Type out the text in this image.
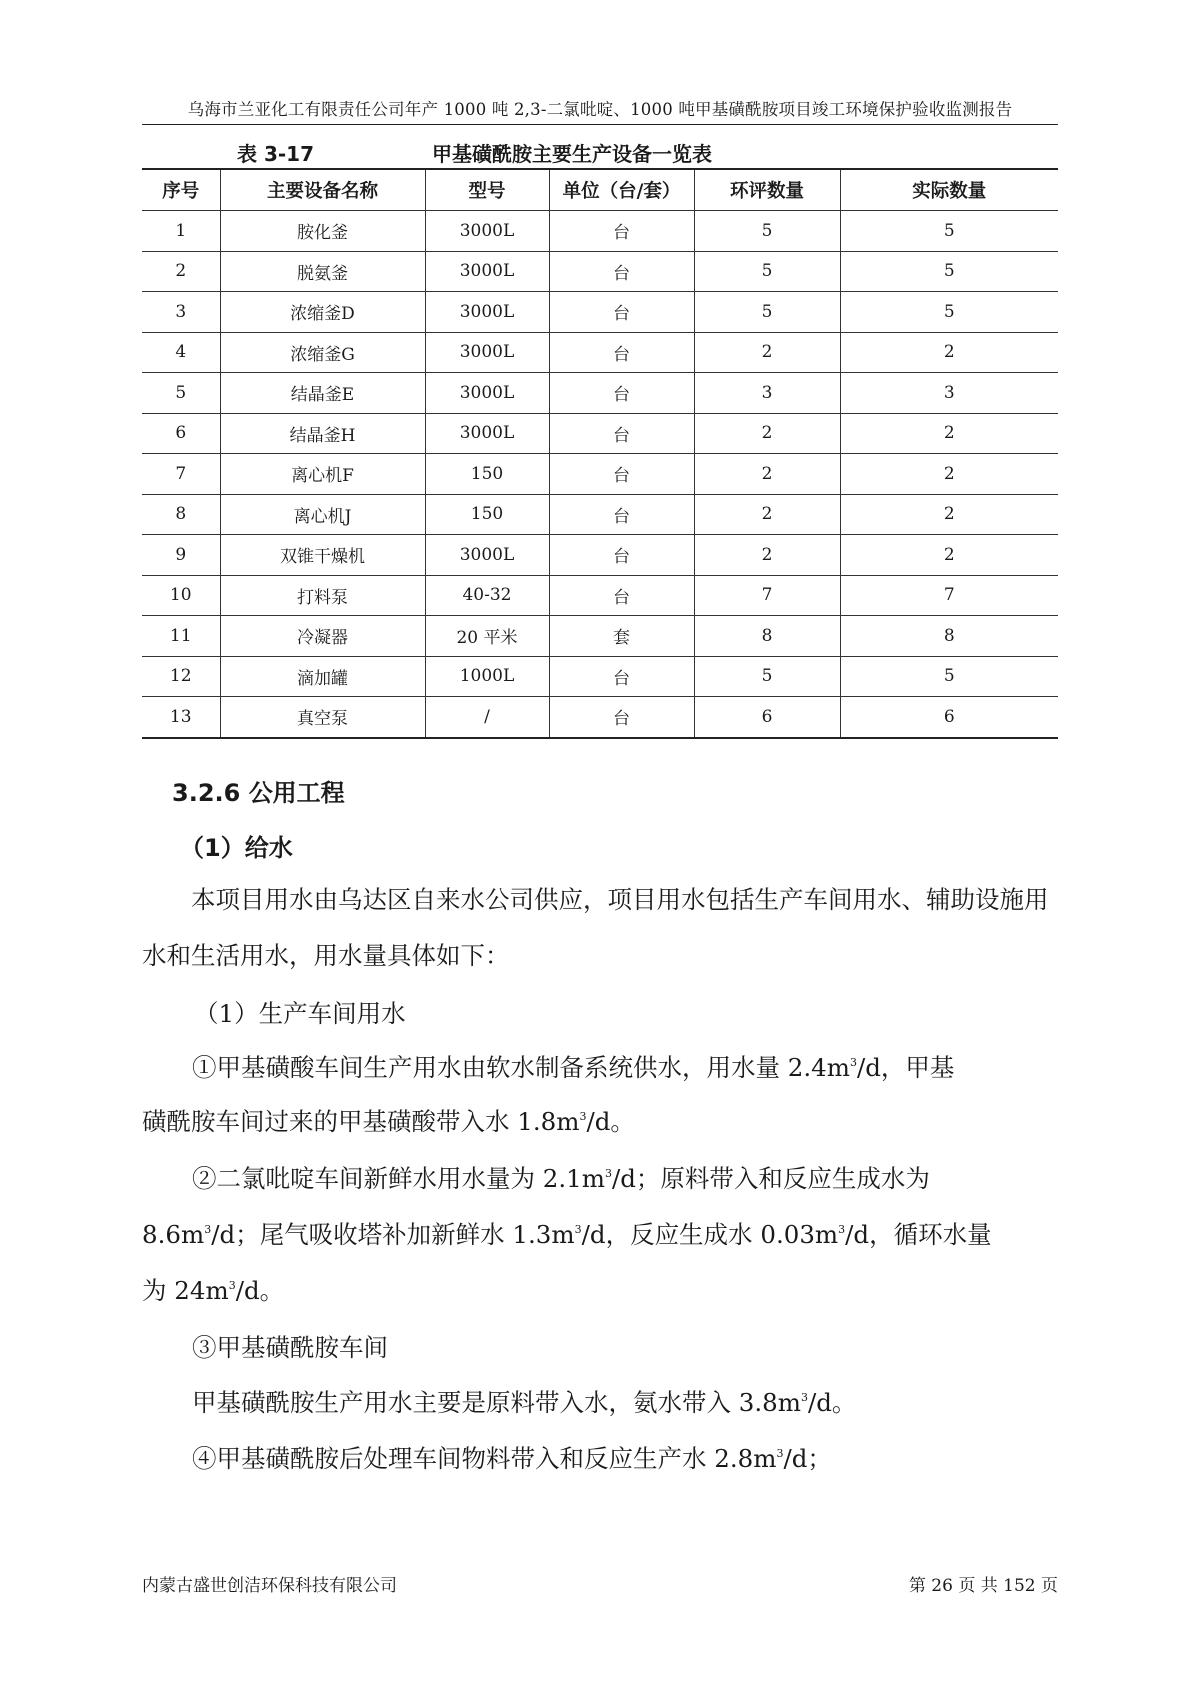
乌海市兰亚化工有限责任公司年产 1000 吨 2,3-二氯吡啶、1000 吨甲基磺酰胺项目竣工环境保护验收监测报告
表 3-17	甲基磺酰胺主要生产设备一览表
序号	主要设备名称	型号	单位（台/套）	环评数量	实际数量
1	胺化釜	3000L	台	5	5
2	脱氨釜	3000L	台	5	5
3	浓缩釜D	3000L	台	5	5
4	浓缩釜G	3000L	台	2	2
5	结晶釜E	3000L	台	3	3
6	结晶釜H	3000L	台	2	2
7	离心机F	150	台	2	2
8	离心机J	150	台	2	2
9	双锥干燥机	3000L	台	2	2
10	打料泵	40-32	台	7	7
11	冷凝器	20 平米	套	8	8
12	滴加罐	1000L	台	5	5
13	真空泵	/	台	6	6
3.2.6 公用工程
（1）给水
本项目用水由乌达区自来水公司供应，项目用水包括生产车间用水、辅助设施用水和生活用水，用水量具体如下：
（1）生产车间用水
①甲基磺酸车间生产用水由软水制备系统供水，用水量 $2.4m^3/d$，甲基
磺酰胺车间过来的甲基磺酸带入水 $1.8m^3/d$。
②二氯吡啶车间新鲜水用水量为 $2.1m^3/d$；原料带入和反应生成水为
$8.6m^3/d$；尾气吸收塔补加新鲜水 $1.3m^3/d$，反应生成水 $0.03m^3/d$，循环水量
为 $24m^3/d$。
③甲基磺酰胺车间
甲基磺酰胺生产用水主要是原料带入水，氨水带入 $3.8m^3/d$。
④甲基磺酰胺后处理车间物料带入和反应生产水 $2.8m^3/d$；
内蒙古盛世创洁环保科技有限公司	第 26 页 共 152 页
